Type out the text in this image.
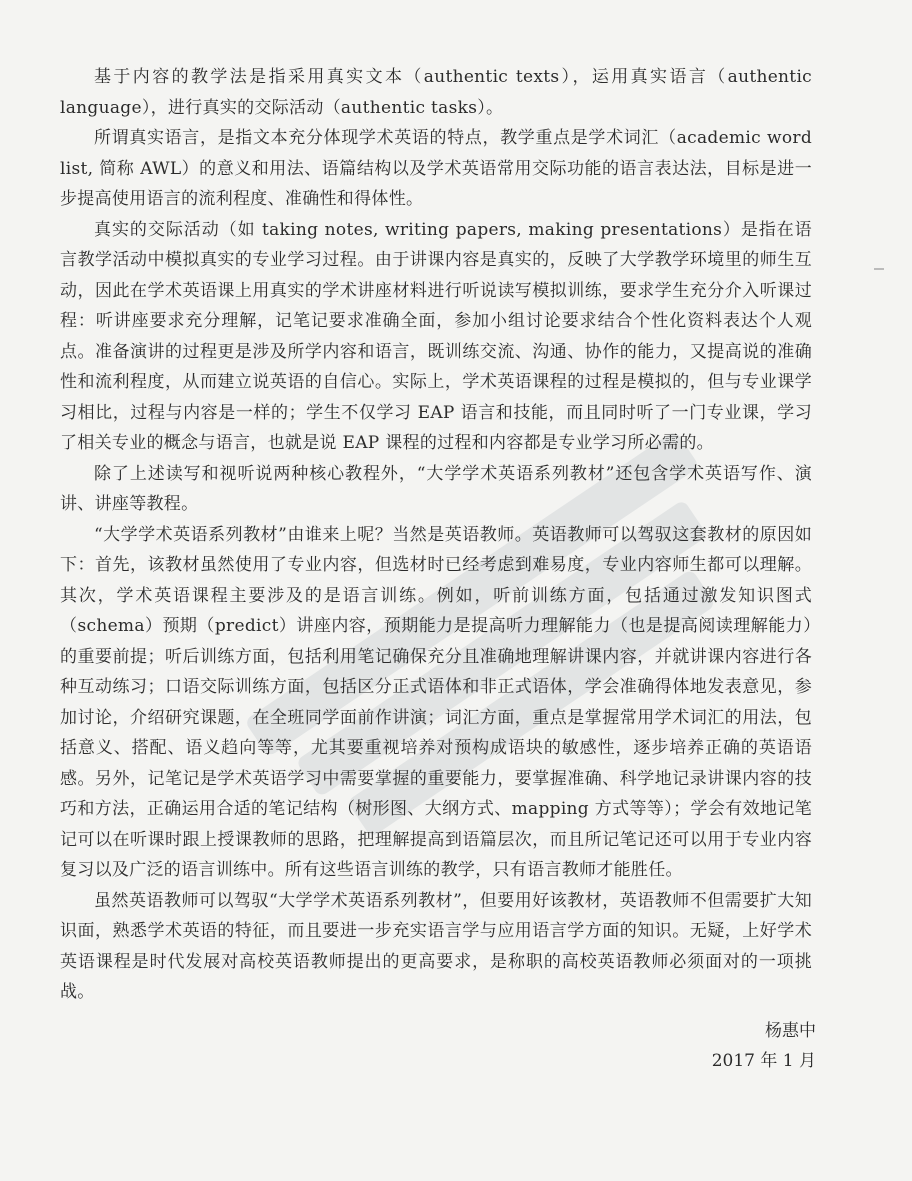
基于内容的教学法是指采用真实文本（authentic texts），运用真实语言（authentic language），进行真实的交际活动（authentic tasks）。

所谓真实语言，是指文本充分体现学术英语的特点，教学重点是学术词汇（academic word list, 简称 AWL）的意义和用法、语篇结构以及学术英语常用交际功能的语言表达法，目标是进一步提高使用语言的流利程度、准确性和得体性。

真实的交际活动（如 taking notes, writing papers, making presentations）是指在语言教学活动中模拟真实的专业学习过程。由于讲课内容是真实的，反映了大学教学环境里的师生互动，因此在学术英语课上用真实的学术讲座材料进行听说读写模拟训练，要求学生充分介入听课过程：听讲座要求充分理解，记笔记要求准确全面，参加小组讨论要求结合个性化资料表达个人观点。准备演讲的过程更是涉及所学内容和语言，既训练交流、沟通、协作的能力，又提高说的准确性和流利程度，从而建立说英语的自信心。实际上，学术英语课程的过程是模拟的，但与专业课学习相比，过程与内容是一样的；学生不仅学习 EAP 语言和技能，而且同时听了一门专业课，学习了相关专业的概念与语言，也就是说 EAP 课程的过程和内容都是专业学习所必需的。

除了上述读写和视听说两种核心教程外，“大学学术英语系列教材”还包含学术英语写作、演讲、讲座等教程。

“大学学术英语系列教材”由谁来上呢？当然是英语教师。英语教师可以驾驭这套教材的原因如下：首先，该教材虽然使用了专业内容，但选材时已经考虑到难易度，专业内容师生都可以理解。其次，学术英语课程主要涉及的是语言训练。例如，听前训练方面，包括通过激发知识图式（schema）预期（predict）讲座内容，预期能力是提高听力理解能力（也是提高阅读理解能力）的重要前提；听后训练方面，包括利用笔记确保充分且准确地理解讲课内容，并就讲课内容进行各种互动练习；口语交际训练方面，包括区分正式语体和非正式语体，学会准确得体地发表意见，参加讨论，介绍研究课题，在全班同学面前作讲演；词汇方面，重点是掌握常用学术词汇的用法，包括意义、搭配、语义趋向等等，尤其要重视培养对预构成语块的敏感性，逐步培养正确的英语语感。另外，记笔记是学术英语学习中需要掌握的重要能力，要掌握准确、科学地记录讲课内容的技巧和方法，正确运用合适的笔记结构（树形图、大纲方式、mapping 方式等等）；学会有效地记笔记可以在听课时跟上授课教师的思路，把理解提高到语篇层次，而且所记笔记还可以用于专业内容复习以及广泛的语言训练中。所有这些语言训练的教学，只有语言教师才能胜任。

虽然英语教师可以驾驭“大学学术英语系列教材”，但要用好该教材，英语教师不但需要扩大知识面，熟悉学术英语的特征，而且要进一步充实语言学与应用语言学方面的知识。无疑，上好学术英语课程是时代发展对高校英语教师提出的更高要求，是称职的高校英语教师必须面对的一项挑战。

杨惠中
2017 年 1 月
